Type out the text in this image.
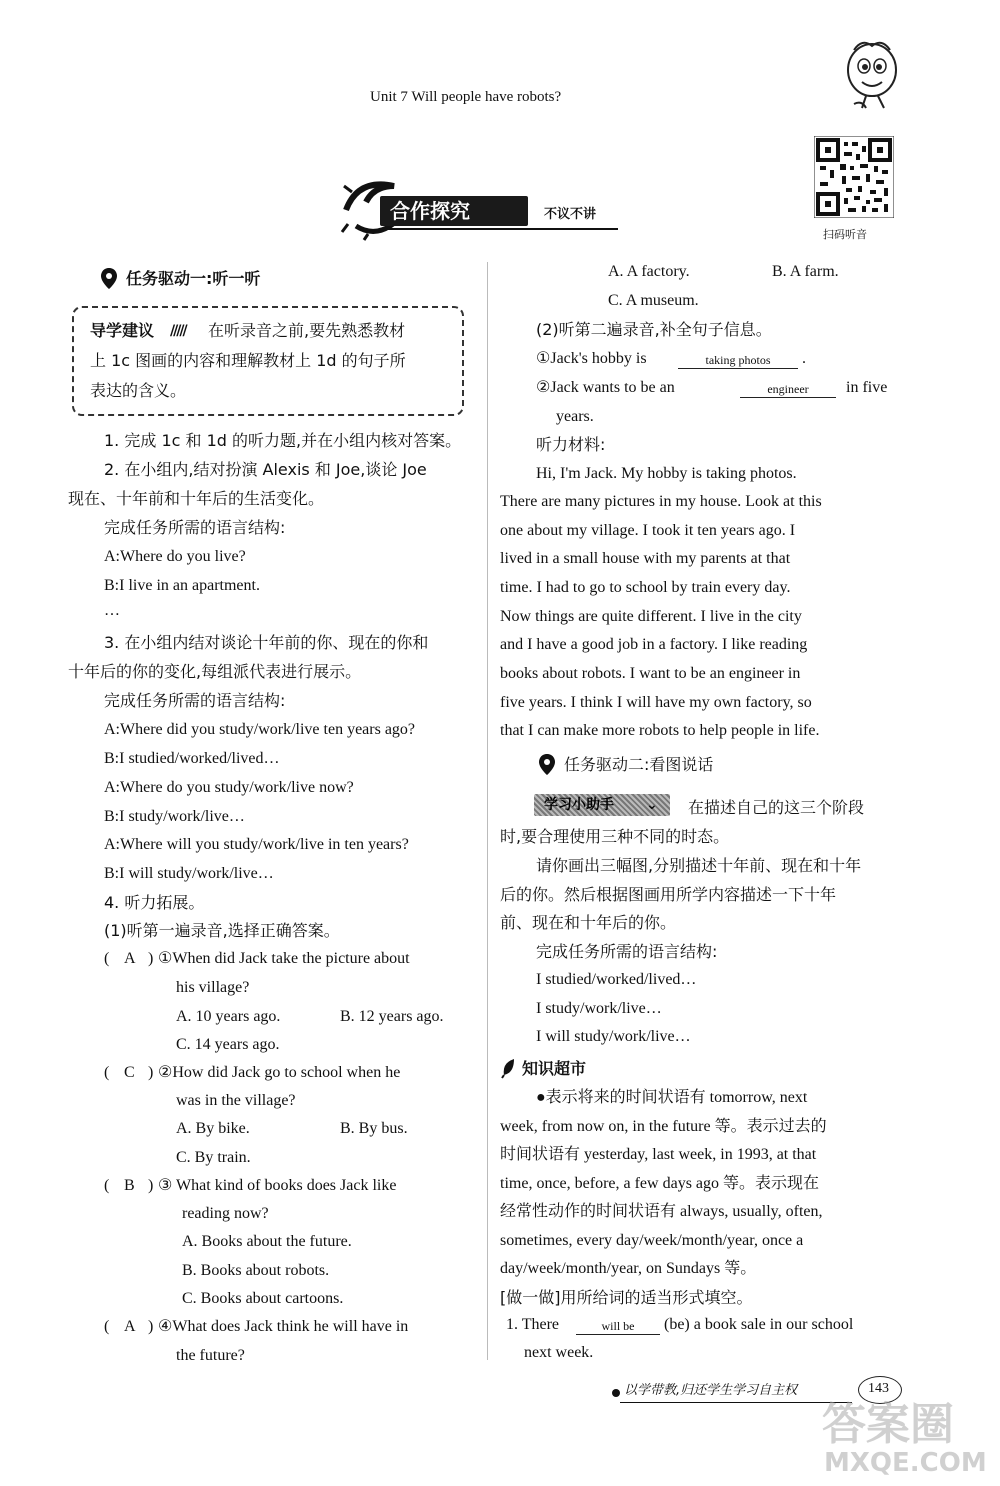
Unit 7 Will people have robots?
扫码听音
合作探究	不议不讲
任务驱动一:听一听
导学建议 ///// 在听录音之前,要先熟悉教材
上 1c 图画的内容和理解教材上 1d 的句子所
表达的含义。
1. 完成 1c 和 1d 的听力题,并在小组内核对答案。
2. 在小组内,结对扮演 Alexis 和 Joe,谈论 Joe
现在、十年前和十年后的生活变化。
完成任务所需的语言结构:
A:Where do you live?
B:I live in an apartment.
…
3. 在小组内结对谈论十年前的你、现在的你和
十年后的你的变化,每组派代表进行展示。
完成任务所需的语言结构:
A:Where did you study/work/live ten years ago?
B:I studied/worked/lived…
A:Where do you study/work/live now?
B:I study/work/live…
A:Where will you study/work/live in ten years?
B:I will study/work/live…
4. 听力拓展。
(1)听第一遍录音,选择正确答案。
( A ) ①When did Jack take the picture about
his village?
A. 10 years ago.	B. 12 years ago.
C. 14 years ago.
( C ) ②How did Jack go to school when he
was in the village?
A. By bike.	B. By bus.
C. By train.
( B ) ③ What kind of books does Jack like
reading now?
A. Books about the future.
B. Books about robots.
C. Books about cartoons.
( A ) ④What does Jack think he will have in
the future?
A. A factory.	B. A farm.
C. A museum.
(2)听第二遍录音,补全句子信息。
①Jack's hobby is	taking photos	.
②Jack wants to be an	engineer	in five
years.
听力材料:
Hi, I'm Jack. My hobby is taking photos.
There are many pictures in my house. Look at this
one about my village. I took it ten years ago. I
lived in a small house with my parents at that
time. I had to go to school by train every day.
Now things are quite different. I live in the city
and I have a good job in a factory. I like reading
books about robots. I want to be an engineer in
five years. I think I will have my own factory, so
that I can make more robots to help people in life.
任务驱动二:看图说话
学习小助手 ⌄ 在描述自己的这三个阶段
时,要合理使用三种不同的时态。
请你画出三幅图,分别描述十年前、现在和十年
后的你。然后根据图画用所学内容描述一下十年
前、现在和十年后的你。
完成任务所需的语言结构:
I studied/worked/lived…
I study/work/live…
I will study/work/live…
知识超市
●表示将来的时间状语有 tomorrow, next
week, from now on, in the future 等。表示过去的
时间状语有 yesterday, last week, in 1993, at that
time, once, before, a few days ago 等。表示现在
经常性动作的时间状语有 always, usually, often,
sometimes, every day/week/month/year, once a
day/week/month/year, on Sundays 等。
[做一做]用所给词的适当形式填空。
1. There	will be	(be) a book sale in our school
next week.
以学带教,归还学生学习自主权	143
答案圈
MXQE.COM
